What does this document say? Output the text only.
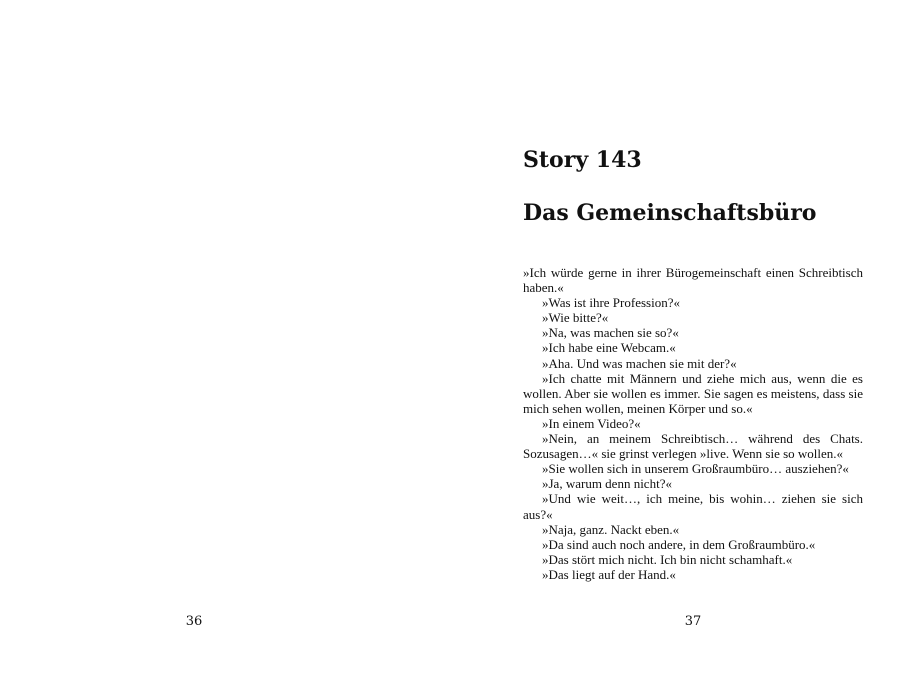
36
Story 143
Das Gemeinschaftsbüro

»Ich würde gerne in ihrer Bürogemeinschaft einen Schreibtisch haben.«

»Was ist ihre Profession?«

»Wie bitte?«

»Na, was machen sie so?«

»Ich habe eine Webcam.«

»Aha. Und was machen sie mit der?«

»Ich chatte mit Männern und ziehe mich aus, wenn die es wollen. Aber sie wollen es immer. Sie sagen es meistens, dass sie mich sehen wollen, meinen Körper und so.«

»In einem Video?«

»Nein, an meinem Schreibtisch… während des Chats. Sozusagen…« sie grinst verlegen »live. Wenn sie so wollen.«

»Sie wollen sich in unserem Großraumbüro… ausziehen?«

»Ja, warum denn nicht?«

»Und wie weit…, ich meine, bis wohin… ziehen sie sich aus?«

»Naja, ganz. Nackt eben.«

»Da sind auch noch andere, in dem Großraumbüro.«

»Das stört mich nicht. Ich bin nicht schamhaft.«

»Das liegt auf der Hand.«

37
